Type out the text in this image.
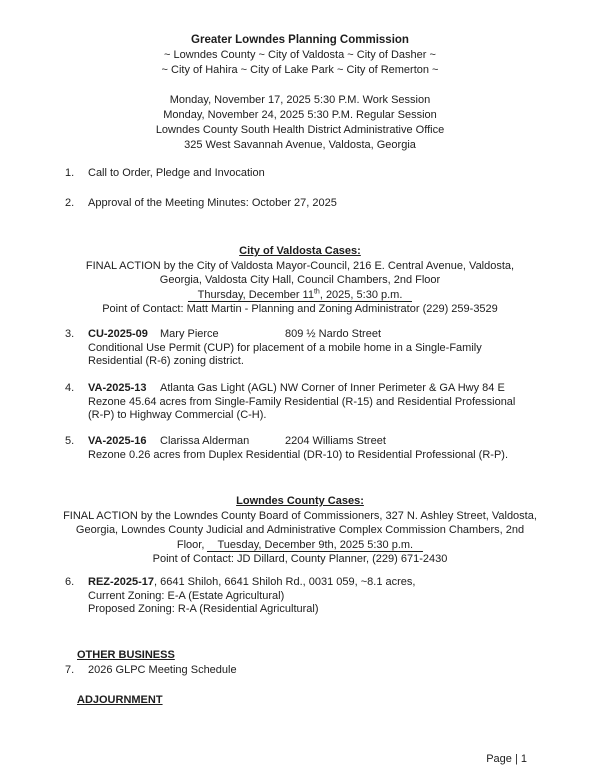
Greater Lowndes Planning Commission
~ Lowndes County ~ City of Valdosta ~ City of Dasher ~
~ City of Hahira ~ City of Lake Park ~ City of Remerton ~
Monday, November 17, 2025 5:30 P.M. Work Session
Monday, November 24, 2025 5:30 P.M. Regular Session
Lowndes County South Health District Administrative Office
325 West Savannah Avenue, Valdosta, Georgia
1.	Call to Order, Pledge and Invocation
2.	Approval of the Meeting Minutes: October 27, 2025
City of Valdosta Cases:
FINAL ACTION by the City of Valdosta Mayor-Council, 216 E. Central Avenue, Valdosta,
Georgia, Valdosta City Hall, Council Chambers, 2nd Floor
Thursday, December 11th, 2025, 5:30 p.m.
Point of Contact: Matt Martin - Planning and Zoning Administrator (229) 259-3529
3.	CU-2025-09 Mary Pierce	809 ½ Nardo Street
Conditional Use Permit (CUP) for placement of a mobile home in a Single-Family Residential (R-6) zoning district.
4.	VA-2025-13 Atlanta Gas Light (AGL) NW Corner of Inner Perimeter & GA Hwy 84 E
Rezone 45.64 acres from Single-Family Residential (R-15) and Residential Professional (R-P) to Highway Commercial (C-H).
5.	VA-2025-16 Clarissa Alderman	2204 Williams Street
Rezone 0.26 acres from Duplex Residential (DR-10) to Residential Professional (R-P).
Lowndes County Cases:
FINAL ACTION by the Lowndes County Board of Commissioners, 327 N. Ashley Street, Valdosta,
Georgia, Lowndes County Judicial and Administrative Complex Commission Chambers, 2nd
Floor, Tuesday, December 9th, 2025 5:30 p.m.
Point of Contact: JD Dillard, County Planner, (229) 671-2430
6.	REZ-2025-17, 6641 Shiloh, 6641 Shiloh Rd., 0031 059, ~8.1 acres,
Current Zoning: E-A (Estate Agricultural)
Proposed Zoning: R-A (Residential Agricultural)
OTHER BUSINESS
7.	2026 GLPC Meeting Schedule
ADJOURNMENT
Page | 1
